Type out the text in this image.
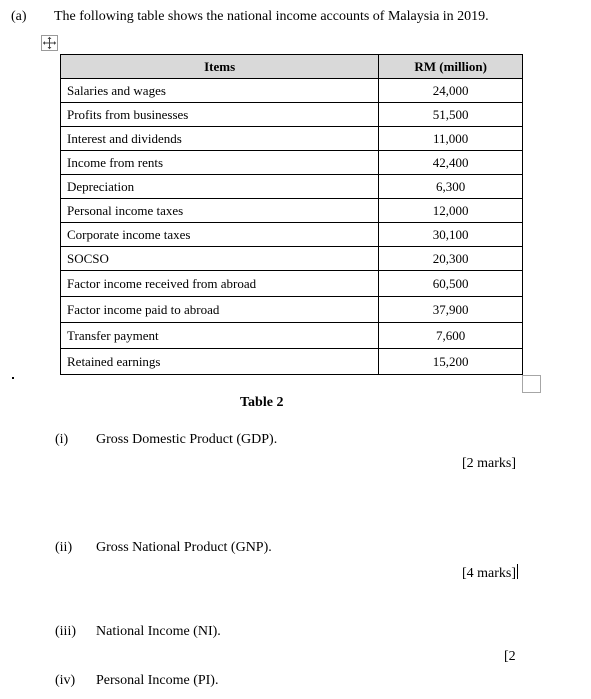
(a) The following table shows the national income accounts of Malaysia in 2019.
Items	RM (million)
Salaries and wages	24,000
Profits from businesses	51,500
Interest and dividends	11,000
Income from rents	42,400
Depreciation	6,300
Personal income taxes	12,000
Corporate income taxes	30,100
SOCSO	20,300
Factor income received from abroad	60,500
Factor income paid to abroad	37,900
Transfer payment	7,600
Retained earnings	15,200
Table 2
(i) Gross Domestic Product (GDP).
[2 marks]
(ii) Gross National Product (GNP).
[4 marks]
(iii) National Income (NI).
[2
(iv) Personal Income (PI).
